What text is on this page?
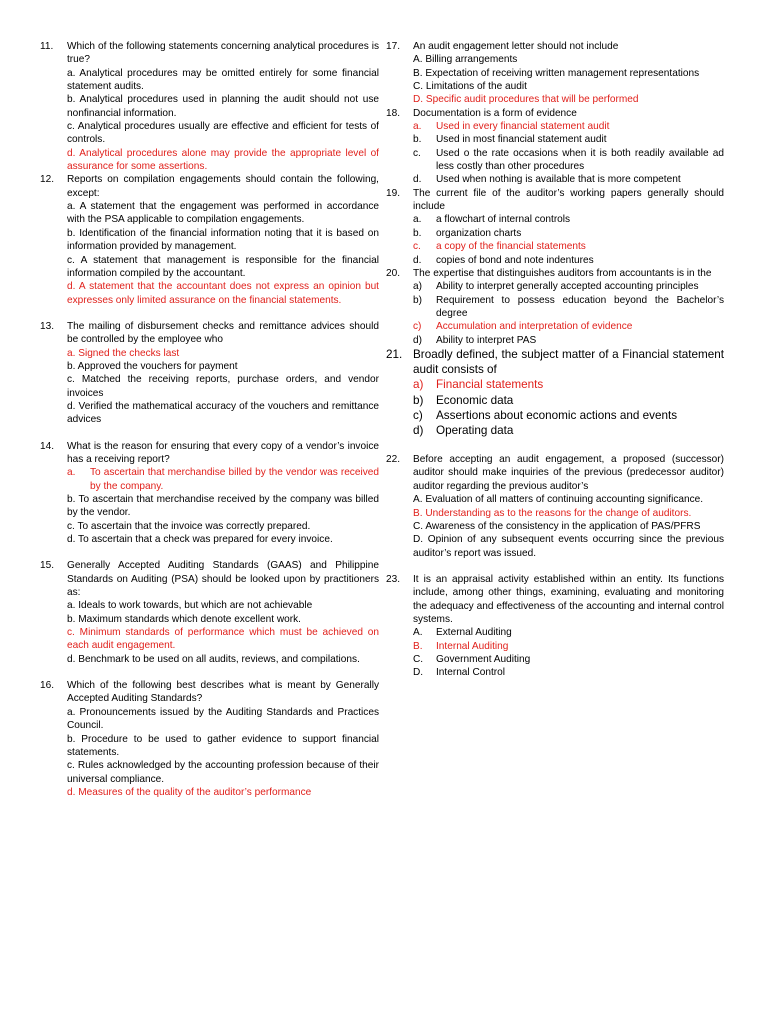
11.	Which of the following statements concerning analytical procedures is true?
a. Analytical procedures may be omitted entirely for some financial statement audits.
b. Analytical procedures used in planning the audit should not use nonfinancial information.
c. Analytical procedures usually are effective and efficient for tests of controls.
d. Analytical procedures alone may provide the appropriate level of assurance for some assertions.
12.	Reports on compilation engagements should contain the following, except:
a. A statement that the engagement was performed in accordance with the PSA applicable to compilation engagements.
b. Identification of the financial information noting that it is based on information provided by management.
c. A statement that management is responsible for the financial information compiled by the accountant.
d. A statement that the accountant does not express an opinion but expresses only limited assurance on the financial statements.
13.	The mailing of disbursement checks and remittance advices should be controlled by the employee who
a. Signed the checks last
b. Approved the vouchers for payment
c. Matched the receiving reports, purchase orders, and vendor invoices
d. Verified the mathematical accuracy of the vouchers and remittance advices
14.	What is the reason for ensuring that every copy of a vendor’s invoice has a receiving report?
a.	To ascertain that merchandise billed by the vendor was received by the company.
b. To ascertain that merchandise received by the company was billed by the vendor.
c. To ascertain that the invoice was correctly prepared.
d. To ascertain that a check was prepared for every invoice.
15.	Generally Accepted Auditing Standards (GAAS) and Philippine Standards on Auditing (PSA) should be looked upon by practitioners as:
a. Ideals to work towards, but which are not achievable
b. Maximum standards which denote excellent work.
c. Minimum standards of performance which must be achieved on each audit engagement.
d. Benchmark to be used on all audits, reviews, and compilations.
16.	Which of the following best describes what is meant by Generally Accepted Auditing Standards?
a. Pronouncements issued by the Auditing Standards and Practices Council.
b. Procedure to be used to gather evidence to support financial statements.
c. Rules acknowledged by the accounting profession because of their universal compliance.
d. Measures of the quality of the auditor’s performance
17.	An audit engagement letter should not include
A. Billing arrangements
B. Expectation of receiving written management representations
C. Limitations of the audit
D. Specific audit procedures that will be performed
18.	Documentation is a form of evidence
a.	Used in every financial statement audit
b.	Used in most financial statement audit
c.	Used o the rate occasions when it is both readily available ad less costly than other procedures
d.	Used when nothing is available that is more competent
19.	The current file of the auditor’s working papers generally should include
a.	a flowchart of internal controls
b.	organization charts
c.	a copy of the financial statements
d.	copies of bond and note indentures
20.	The expertise that distinguishes auditors from accountants is in the
a)	Ability to interpret generally accepted accounting principles
b)	Requirement to possess education beyond the Bachelor’s degree
c)	Accumulation and interpretation of evidence
d)	Ability to interpret PAS
21. Broadly defined, the subject matter of a Financial statement audit consists of
a)	Financial statements
b)	Economic data
c)	Assertions about economic actions and events
d)	Operating data
22.	Before accepting an audit engagement, a proposed (successor) auditor should make inquiries of the previous (predecessor auditor) auditor regarding the previous auditor’s
A. Evaluation of all matters of continuing accounting significance.
B. Understanding as to the reasons for the change of auditors.
C. Awareness of the consistency in the application of PAS/PFRS
D. Opinion of any subsequent events occurring since the previous auditor’s report was issued.
23.	It is an appraisal activity established within an entity. Its functions include, among other things, examining, evaluating and monitoring the adequacy and effectiveness of the accounting and internal control systems.
A.	External Auditing
B.	Internal Auditing
C.	Government Auditing
D.	Internal Control
